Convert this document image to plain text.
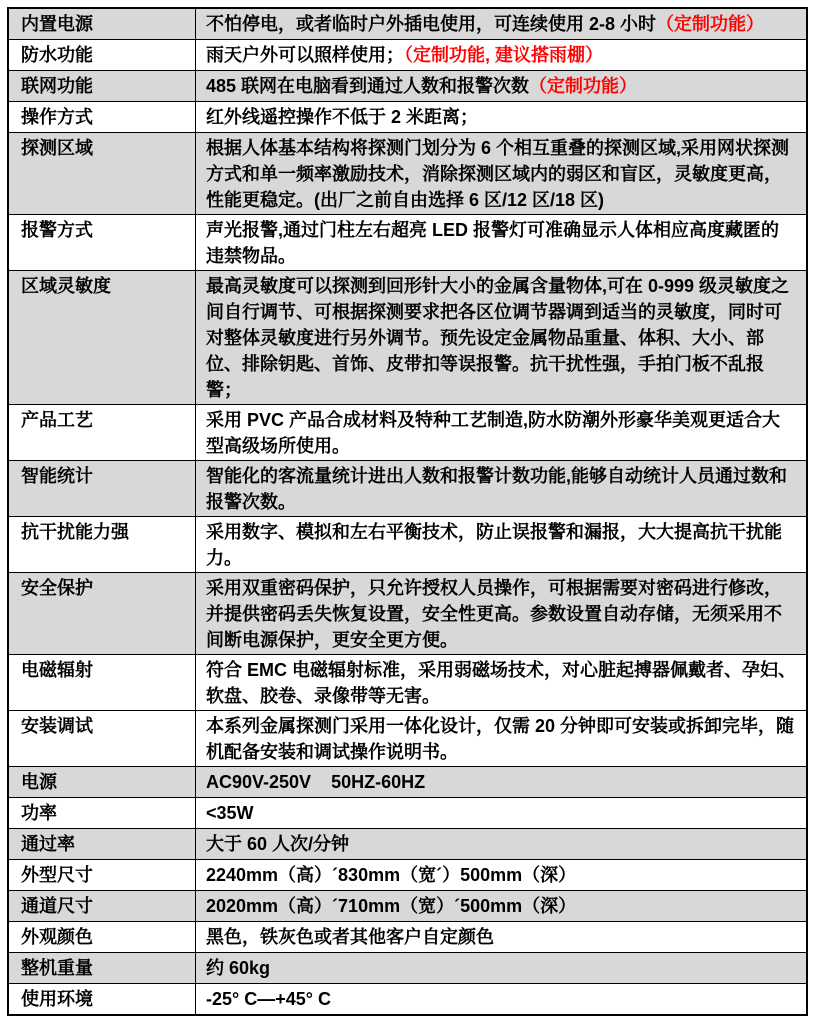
内置电源	不怕停电，或者临时户外插电使用，可连续使用 2-8 小时（定制功能）
防水功能	雨天户外可以照样使用；（定制功能, 建议搭雨棚）
联网功能	485 联网在电脑看到通过人数和报警次数（定制功能）
操作方式	红外线遥控操作不低于 2 米距离；
探测区域	根据人体基本结构将探测门划分为 6 个相互重叠的探测区域,采用网状探测方式和单一频率激励技术，消除探测区域内的弱区和盲区，灵敏度更高，性能更稳定。(出厂之前自由选择 6 区/12 区/18 区)
报警方式	声光报警,通过门柱左右超亮 LED 报警灯可准确显示人体相应高度藏匿的违禁物品。
区域灵敏度	最高灵敏度可以探测到回形针大小的金属含量物体,可在 0-999 级灵敏度之间自行调节、可根据探测要求把各区位调节器调到适当的灵敏度，同时可对整体灵敏度进行另外调节。预先设定金属物品重量、体积、大小、部位、排除钥匙、首饰、皮带扣等误报警。抗干扰性强，手拍门板不乱报警；
产品工艺	采用 PVC 产品合成材料及特种工艺制造,防水防潮外形豪华美观更适合大型高级场所使用。
智能统计	智能化的客流量统计进出人数和报警计数功能,能够自动统计人员通过数和报警次数。
抗干扰能力强	采用数字、模拟和左右平衡技术，防止误报警和漏报，大大提高抗干扰能力。
安全保护	采用双重密码保护，只允许授权人员操作，可根据需要对密码进行修改，并提供密码丢失恢复设置，安全性更高。参数设置自动存储，无须采用不间断电源保护，更安全更方便。
电磁辐射	符合 EMC 电磁辐射标准，采用弱磁场技术，对心脏起搏器佩戴者、孕妇、软盘、胶卷、录像带等无害。
安装调试	本系列金属探测门采用一体化设计，仅需 20 分钟即可安装或拆卸完毕，随机配备安装和调试操作说明书。
电源	AC90V-250V    50HZ-60HZ
功率	<35W
通过率	大于 60 人次/分钟
外型尺寸	2240mm（高）´830mm（宽´）500mm（深）
通道尺寸	2020mm（高）´710mm（宽）´500mm（深）
外观颜色	黑色，铁灰色或者其他客户自定颜色
整机重量	约 60kg
使用环境	-25° C—+45° C
